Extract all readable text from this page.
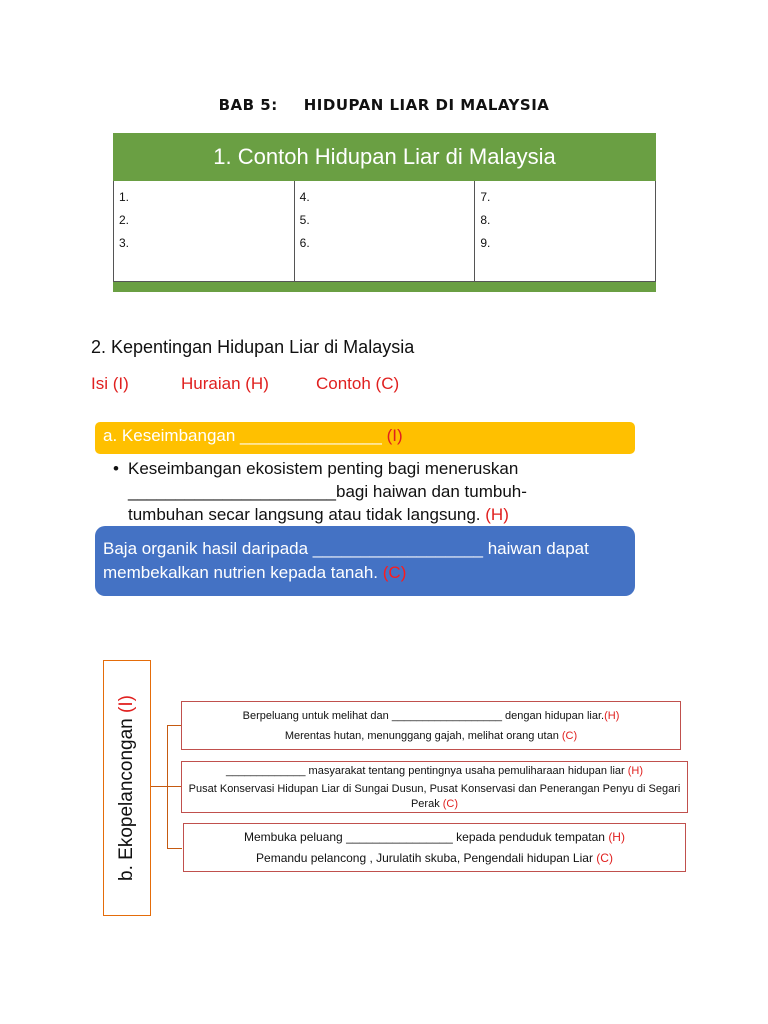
BAB 5: HIDUPAN LIAR DI MALAYSIA
1. Contoh Hidupan Liar di Malaysia
1.
2.
3.
4.
5.
6.
7.
8.
9.
2. Kepentingan Hidupan Liar di Malaysia
Isi (I)	Huraian (H)	Contoh (C)
a. Keseimbangan _______________ (I)
• Keseimbangan ekosistem penting bagi meneruskan ______________________bagi haiwan dan tumbuh-tumbuhan secar langsung atau tidak langsung. (H)
Baja organik hasil daripada __________________ haiwan dapat membekalkan nutrien kepada tanah. (C)
b. Ekopelancongan (I)
Berpeluang untuk melihat dan __________________ dengan hidupan liar.(H)
Merentas hutan, menunggang gajah, melihat orang utan (C)
_____________ masyarakat tentang pentingnya usaha pemuliharaan hidupan liar (H)
Pusat Konservasi Hidupan Liar di Sungai Dusun, Pusat Konservasi dan Penerangan Penyu di Segari Perak (C)
Membuka peluang ________________ kepada penduduk tempatan (H)
Pemandu pelancong , Jurulatih skuba, Pengendali hidupan Liar (C)
